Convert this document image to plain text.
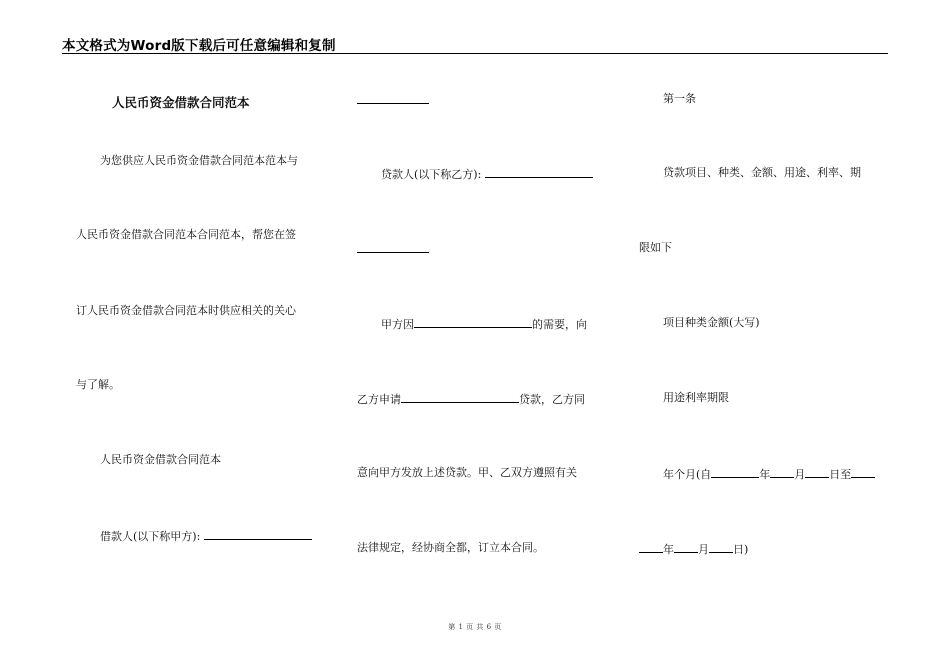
本文格式为Word版下载后可任意编辑和复制
人民币资金借款合同范本
为您供应人民币资金借款合同范本范本与
人民币资金借款合同范本合同范本，帮您在签
订人民币资金借款合同范本时供应相关的关心
与了解。
人民币资金借款合同范本
借款人(以下称甲方):
贷款人(以下称乙方):
甲方因	的需要，向
乙方申请	贷款，乙方同
意向甲方发放上述贷款。甲、乙双方遵照有关
法律规定，经协商全都，订立本合同。
第一条
贷款项目、种类、金额、用途、利率、期
限如下
项目种类金额(大写)
用途利率期限
年个月(自	年 月 日至
年 月 日)
第 1 页 共 6 页
